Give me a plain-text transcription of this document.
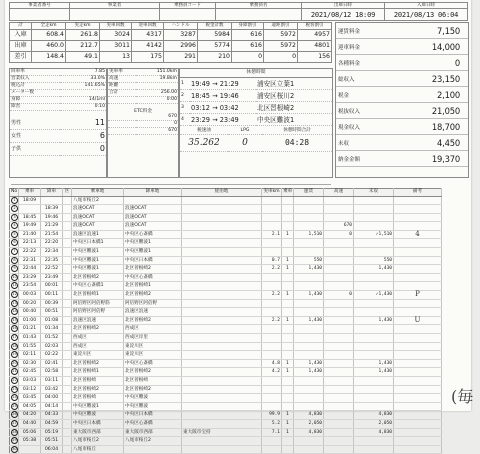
事業者番号	事業者	乗務員コード	乗務員名	出庫日時	入庫日時
				2021/08/12 18:09	2021/08/13 06:04
計	全走km	実走km	実車回数	迎車回数	ハンドル	税金計数	身障割引	遠距割引	税客割引
入庫	608.4	261.8	3024	4317	3287	5984	616	5972	4957
出庫	460.0	212.7	3011	4142	2996	5774	616	5972	4801
差引	148.4	49.1	13	175	291	210	0	0	156
回車率	7.85
営業収入	33.0%
税込計	141.65%
メーター数	
身障	14/1ml
障害	0:10
男性	11
女性	6
子供	0
実車率	151.0km
高速	19.8km
距離	
合計	256.00
	0:00
ETC料金
	670
	0
	670
休憩時間
1	19:49 → 21:29	浦安区立葉1
2	18:45 → 19:46	浦安区桜川2
3	03:12 → 03:42	北区習根崎2
4	23:29 → 23:49	中央区難波1
税速油	LPG	休憩時間合計
35.262	0	04:28
運賃料金	7,150	
迎車料金	14,000	
各種料金	0	
総収入	23,150	
税金	2,100	
税抜収入	21,050	
現金収入	18,700	
未収	4,450	
納金金額	19,370	
No	乗車	降車	区	乗車地	降車地	経由地	実車km	乗車	運賃	高速	未収	備考
1	18:09			八尾市桜丘2								
2		18:39		浪速OCAT	浪速OCAT							
3	18:45	19:46		浪速OCAT	浪速OCAT							
4	19:49	21:29		浪速OCAT	浪速OCAT					670		
5	21:40	21:54		浪速区浪速1	中央区心斎橋		2.1	1	1,510	0	✓1,510	4
6	22:13	22:20		中央区日本橋1	中央区難波1							
7	22:22	22:34		中央区難波1	中央区難波1							
8	22:31	22:35		中央区難波1	中央区日本橋		0.7	1	550		550	
9	22:44	22:52		中央区難波1	北区曽根崎2		2.2	1	1,430		1,430	
10	23:29	23:49		北区曽根崎2	中央区心斎橋							
11	23:54	00:01		中央区心斎橋1	北区曽根崎1							
12	00:03	00:11		北区曽根崎1	北区曽根崎2		2.2	1	1,430	0	✓1,430	P
13	00:20	00:39		阿倍野区阿倍野筋	阿倍野区阿倍野							
14	00:40	00:51		阿倍野区阿倍野	浪速区浪速							
15	01:00	01:08		浪速区浪速	北区曽根崎2		2.2	1	1,430		1,430	U
16	01:21	01:34		北区曽根崎2	西成区							
17	01:43	01:52		西成区	西成区岸里							
18	01:55	02:03		西成区	東淀川区							
19	02:11	02:22		東淀川区	東淀川区							
20	02:30	02:41		北区曽根崎2	中央区心斎橋		4.8	1	1,430		1,430	
21	02:45	02:58		北区曽根崎1	北区曽根崎2		4.2	1	1,430		1,430	
22	03:03	03:11		北区曽根崎	北区曽根崎							
23	03:12	03:42		北区曽根崎2	北区曽根崎2							
24	03:45	04:00		北区曽根崎	中央区難波							
25	04:05	04:14		中央区難波1	中央区難波							
26	04:20	04:33		中央区難波	中央区日本橋		99.9	1	4,830		4,830	
27	04:40	04:59		中央区日本橋	中央区心斎橋		5.2	1	2,050		2,050	
28	05:06	05:19		東大阪市西部	東大阪市西部	東大阪市宝持	7.1	1	4,830		4,830	
29	05:38	05:51		八尾市桜丘2	八尾市桜丘2							
30		06:04		八尾市桜丘								
(毎
